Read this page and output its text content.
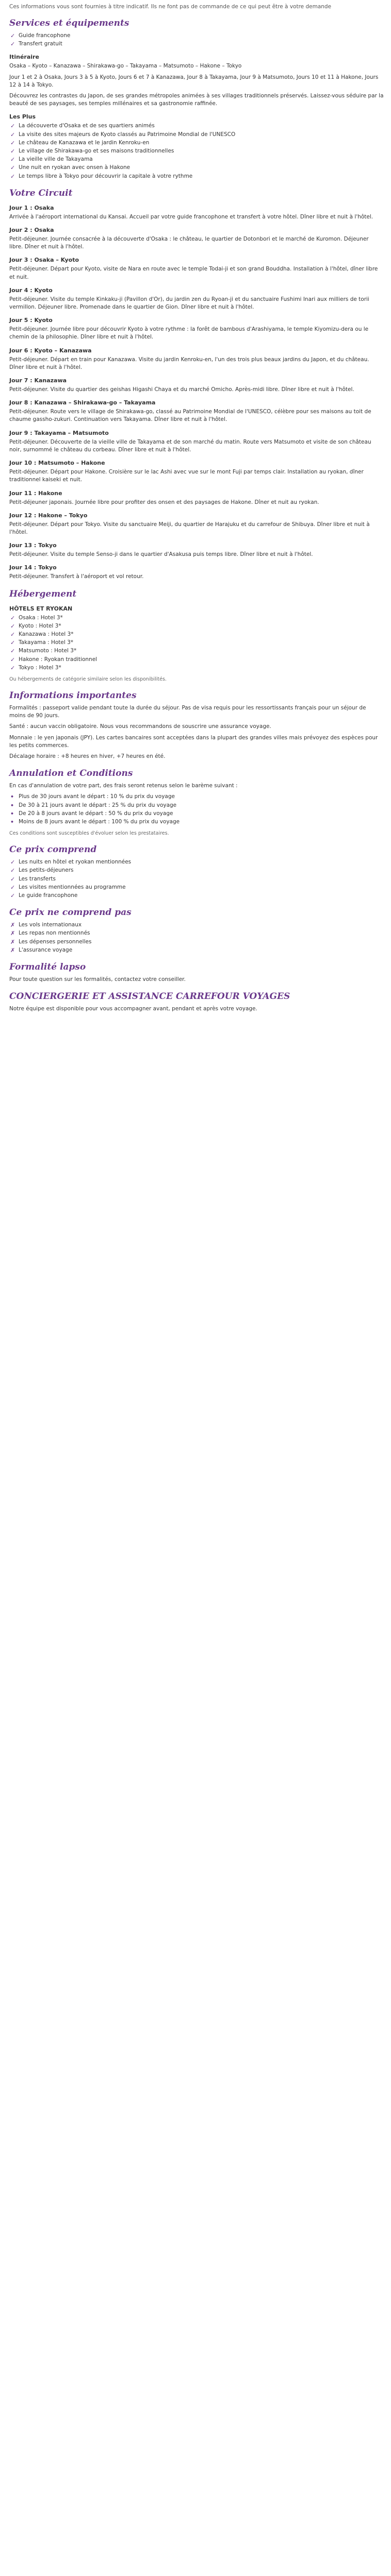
Ces informations vous sont fournies à titre indicatif. Ils ne font pas de commande de ce qui peut être à votre demande

Services et équipements
✓ Guide francophone
✓ Transfert gratuit
Itinéraire

Osaka – Kyoto – Kanazawa – Shirakawa-go – Takayama – Matsumoto – Hakone – Tokyo

Jour 1 et 2 à Osaka, Jours 3 à 5 à Kyoto, Jours 6 et 7 à Kanazawa, Jour 8 à Takayama, Jour 9 à Matsumoto, Jours 10 et 11 à Hakone, Jours 12 à 14 à Tokyo.

Découvrez les contrastes du Japon, de ses grandes métropoles animées à ses villages traditionnels préservés. Laissez-vous séduire par la beauté de ses paysages, ses temples millénaires et sa gastronomie raffinée.

Les Plus
✓ La découverte d'Osaka et de ses quartiers animés
✓ La visite des sites majeurs de Kyoto classés au Patrimoine Mondial de l'UNESCO
✓ Le château de Kanazawa et le jardin Kenroku-en
✓ Le village de Shirakawa-go et ses maisons traditionnelles
✓ La vieille ville de Takayama
✓ Une nuit en ryokan avec onsen à Hakone
✓ Le temps libre à Tokyo pour découvrir la capitale à votre rythme
Votre Circuit
Jour 1 : Osaka

Arrivée à l'aéroport international du Kansai. Accueil par votre guide francophone et transfert à votre hôtel. Dîner libre et nuit à l'hôtel.

Jour 2 : Osaka

Petit-déjeuner. Journée consacrée à la découverte d'Osaka : le château, le quartier de Dotonbori et le marché de Kuromon. Déjeuner libre. Dîner et nuit à l'hôtel.

Jour 3 : Osaka – Kyoto

Petit-déjeuner. Départ pour Kyoto, visite de Nara en route avec le temple Todai-ji et son grand Bouddha. Installation à l'hôtel, dîner libre et nuit.

Jour 4 : Kyoto

Petit-déjeuner. Visite du temple Kinkaku-ji (Pavillon d'Or), du jardin zen du Ryoan-ji et du sanctuaire Fushimi Inari aux milliers de torii vermillon. Déjeuner libre. Promenade dans le quartier de Gion. Dîner libre et nuit à l'hôtel.

Jour 5 : Kyoto

Petit-déjeuner. Journée libre pour découvrir Kyoto à votre rythme : la forêt de bambous d'Arashiyama, le temple Kiyomizu-dera ou le chemin de la philosophie. Dîner libre et nuit à l'hôtel.

Jour 6 : Kyoto – Kanazawa

Petit-déjeuner. Départ en train pour Kanazawa. Visite du jardin Kenroku-en, l'un des trois plus beaux jardins du Japon, et du château. Dîner libre et nuit à l'hôtel.

Jour 7 : Kanazawa

Petit-déjeuner. Visite du quartier des geishas Higashi Chaya et du marché Omicho. Après-midi libre. Dîner libre et nuit à l'hôtel.

Jour 8 : Kanazawa – Shirakawa-go – Takayama

Petit-déjeuner. Route vers le village de Shirakawa-go, classé au Patrimoine Mondial de l'UNESCO, célèbre pour ses maisons au toit de chaume gassho-zukuri. Continuation vers Takayama. Dîner libre et nuit à l'hôtel.

Jour 9 : Takayama – Matsumoto

Petit-déjeuner. Découverte de la vieille ville de Takayama et de son marché du matin. Route vers Matsumoto et visite de son château noir, surnommé le château du corbeau. Dîner libre et nuit à l'hôtel.

Jour 10 : Matsumoto – Hakone

Petit-déjeuner. Départ pour Hakone. Croisière sur le lac Ashi avec vue sur le mont Fuji par temps clair. Installation au ryokan, dîner traditionnel kaiseki et nuit.

Jour 11 : Hakone

Petit-déjeuner japonais. Journée libre pour profiter des onsen et des paysages de Hakone. Dîner et nuit au ryokan.

Jour 12 : Hakone – Tokyo

Petit-déjeuner. Départ pour Tokyo. Visite du sanctuaire Meiji, du quartier de Harajuku et du carrefour de Shibuya. Dîner libre et nuit à l'hôtel.

Jour 13 : Tokyo

Petit-déjeuner. Visite du temple Senso-ji dans le quartier d'Asakusa puis temps libre. Dîner libre et nuit à l'hôtel.

Jour 14 : Tokyo

Petit-déjeuner. Transfert à l'aéroport et vol retour.

Hébergement
HÔTELS ET RYOKAN
✓ Osaka : Hotel 3*
✓ Kyoto : Hotel 3*
✓ Kanazawa : Hotel 3*
✓ Takayama : Hotel 3*
✓ Matsumoto : Hotel 3*
✓ Hakone : Ryokan traditionnel
✓ Tokyo : Hotel 3*

Ou hébergements de catégorie similaire selon les disponibilités.

Informations importantes

Formalités : passeport valide pendant toute la durée du séjour. Pas de visa requis pour les ressortissants français pour un séjour de moins de 90 jours.

Santé : aucun vaccin obligatoire. Nous vous recommandons de souscrire une assurance voyage.

Monnaie : le yen japonais (JPY). Les cartes bancaires sont acceptées dans la plupart des grandes villes mais prévoyez des espèces pour les petits commerces.

Décalage horaire : +8 heures en hiver, +7 heures en été.

Annulation et Conditions

En cas d'annulation de votre part, des frais seront retenus selon le barème suivant :

• Plus de 30 jours avant le départ : 10 % du prix du voyage
• De 30 à 21 jours avant le départ : 25 % du prix du voyage
• De 20 à 8 jours avant le départ : 50 % du prix du voyage
• Moins de 8 jours avant le départ : 100 % du prix du voyage

Ces conditions sont susceptibles d'évoluer selon les prestataires.

Ce prix comprend
✓ Les nuits en hôtel et ryokan mentionnées
✓ Les petits-déjeuners
✓ Les transferts
✓ Les visites mentionnées au programme
✓ Le guide francophone
Ce prix ne comprend pas
✗ Les vols internationaux
✗ Les repas non mentionnés
✗ Les dépenses personnelles
✗ L'assurance voyage
Formalité lapso

Pour toute question sur les formalités, contactez votre conseiller.

CONCIERGERIE ET ASSISTANCE CARREFOUR VOYAGES

Notre équipe est disponible pour vous accompagner avant, pendant et après votre voyage.
